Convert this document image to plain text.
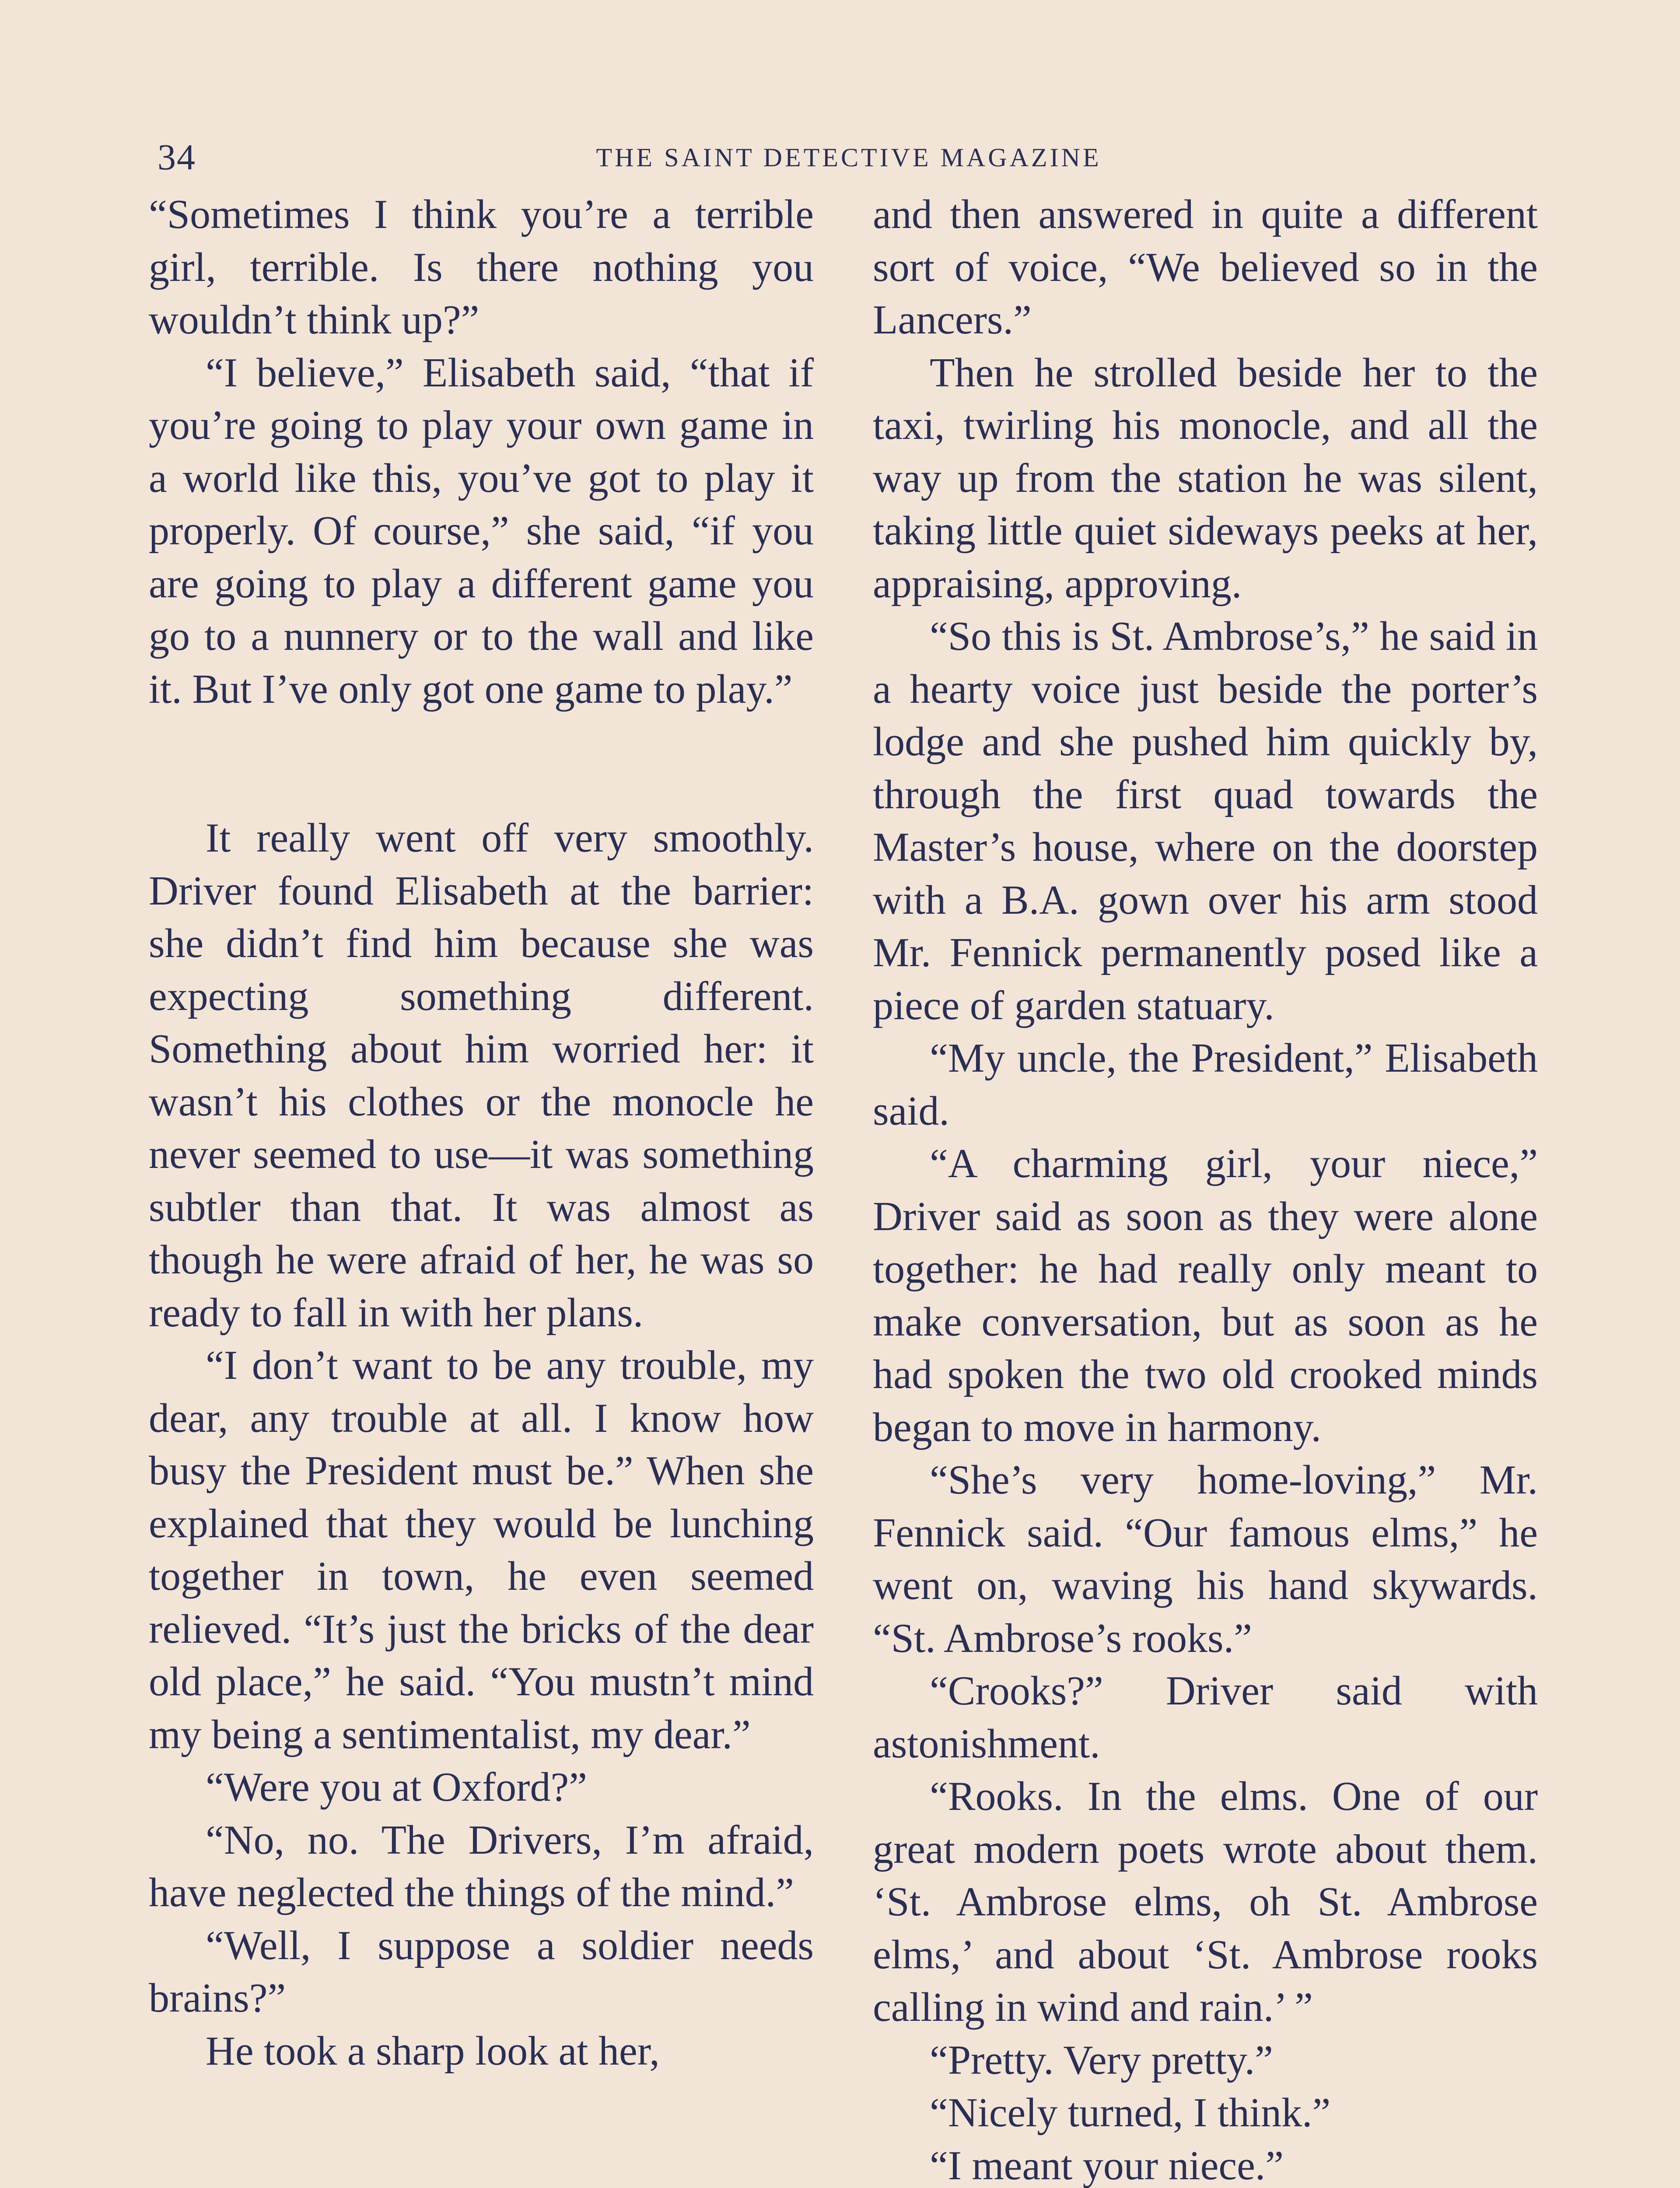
34	THE SAINT DETECTIVE MAGAZINE

“Sometimes I think you’re a terrible girl, terrible. Is there nothing you wouldn’t think up?”

“I believe,” Elisabeth said, “that if you’re going to play your own game in a world like this, you’ve got to play it properly. Of course,” she said, “if you are going to play a different game you go to a nunnery or to the wall and like it. But I’ve only got one game to play.”

It really went off very smoothly. Driver found Elisabeth at the barrier: she didn’t find him because she was expecting something different. Something about him worried her: it wasn’t his clothes or the monocle he never seemed to use—it was something subtler than that. It was almost as though he were afraid of her, he was so ready to fall in with her plans.

“I don’t want to be any trouble, my dear, any trouble at all. I know how busy the President must be.” When she explained that they would be lunching together in town, he even seemed relieved. “It’s just the bricks of the dear old place,” he said. “You mustn’t mind my being a sentimentalist, my dear.”

“Were you at Oxford?”

“No, no. The Drivers, I’m afraid, have neglected the things of the mind.”

“Well, I suppose a soldier needs brains?”

He took a sharp look at her,

and then answered in quite a different sort of voice, “We believed so in the Lancers.”

Then he strolled beside her to the taxi, twirling his monocle, and all the way up from the station he was silent, taking little quiet sideways peeks at her, appraising, approving.

“So this is St. Ambrose’s,” he said in a hearty voice just beside the porter’s lodge and she pushed him quickly by, through the first quad towards the Master’s house, where on the doorstep with a B.A. gown over his arm stood Mr. Fennick permanently posed like a piece of garden statuary.

“My uncle, the President,” Elisabeth said.

“A charming girl, your niece,” Driver said as soon as they were alone together: he had really only meant to make conversation, but as soon as he had spoken the two old crooked minds began to move in harmony.

“She’s very home-loving,” Mr. Fennick said. “Our famous elms,” he went on, waving his hand skywards. “St. Ambrose’s rooks.”

“Crooks?” Driver said with astonishment.

“Rooks. In the elms. One of our great modern poets wrote about them. ‘St. Ambrose elms, oh St. Ambrose elms,’ and about ‘St. Ambrose rooks calling in wind and rain.’ ”

“Pretty. Very pretty.”

“Nicely turned, I think.”

“I meant your niece.”
